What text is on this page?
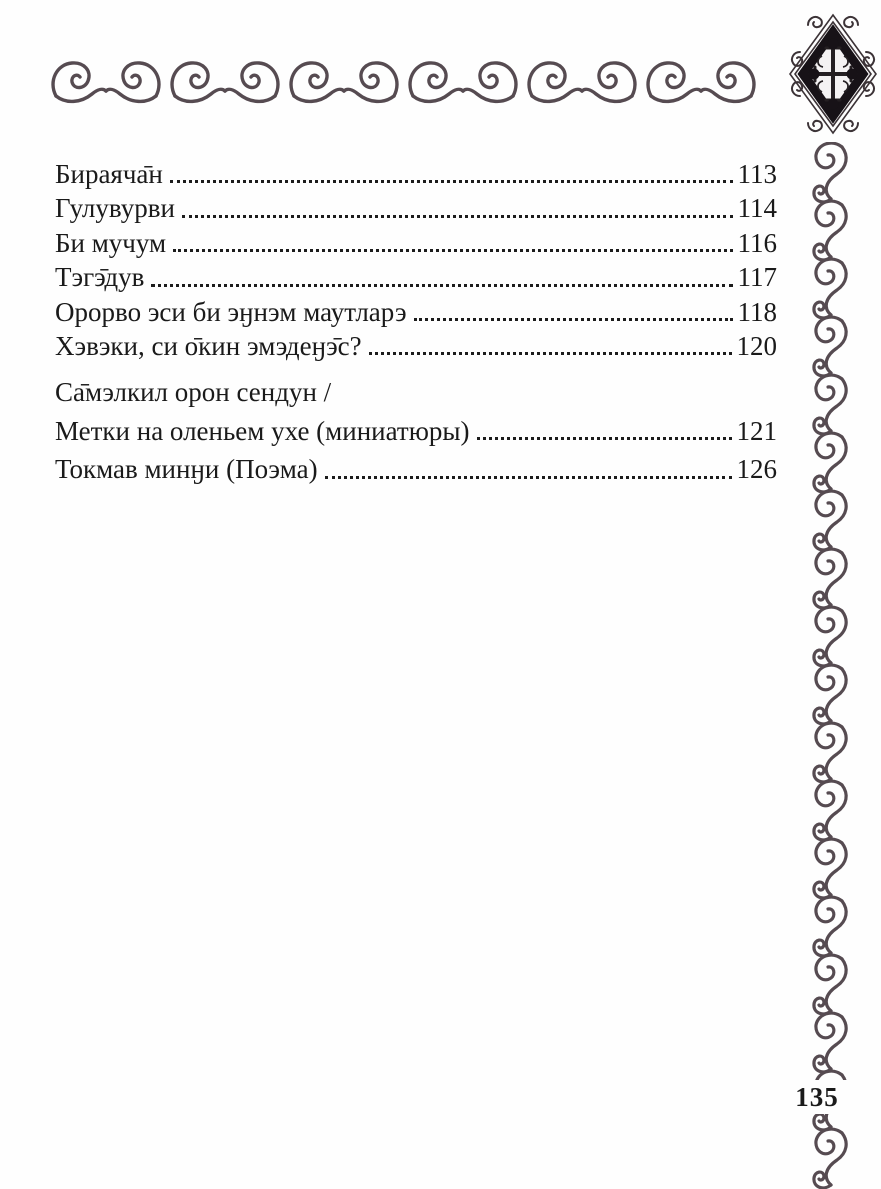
Бираяча̄н	113
Гулувурви	114
Би мучум	116
Тэгэ̄дув	117
Орорво эси би эӈнэм маутларэ	118
Хэвэки, си о̄кин эмэдеӈэ̄с?	120
Са̄мэлкил орон сендун /
Метки на оленьем ухе (миниатюры)	121
Токмав минӈи (Поэма)	126
135
